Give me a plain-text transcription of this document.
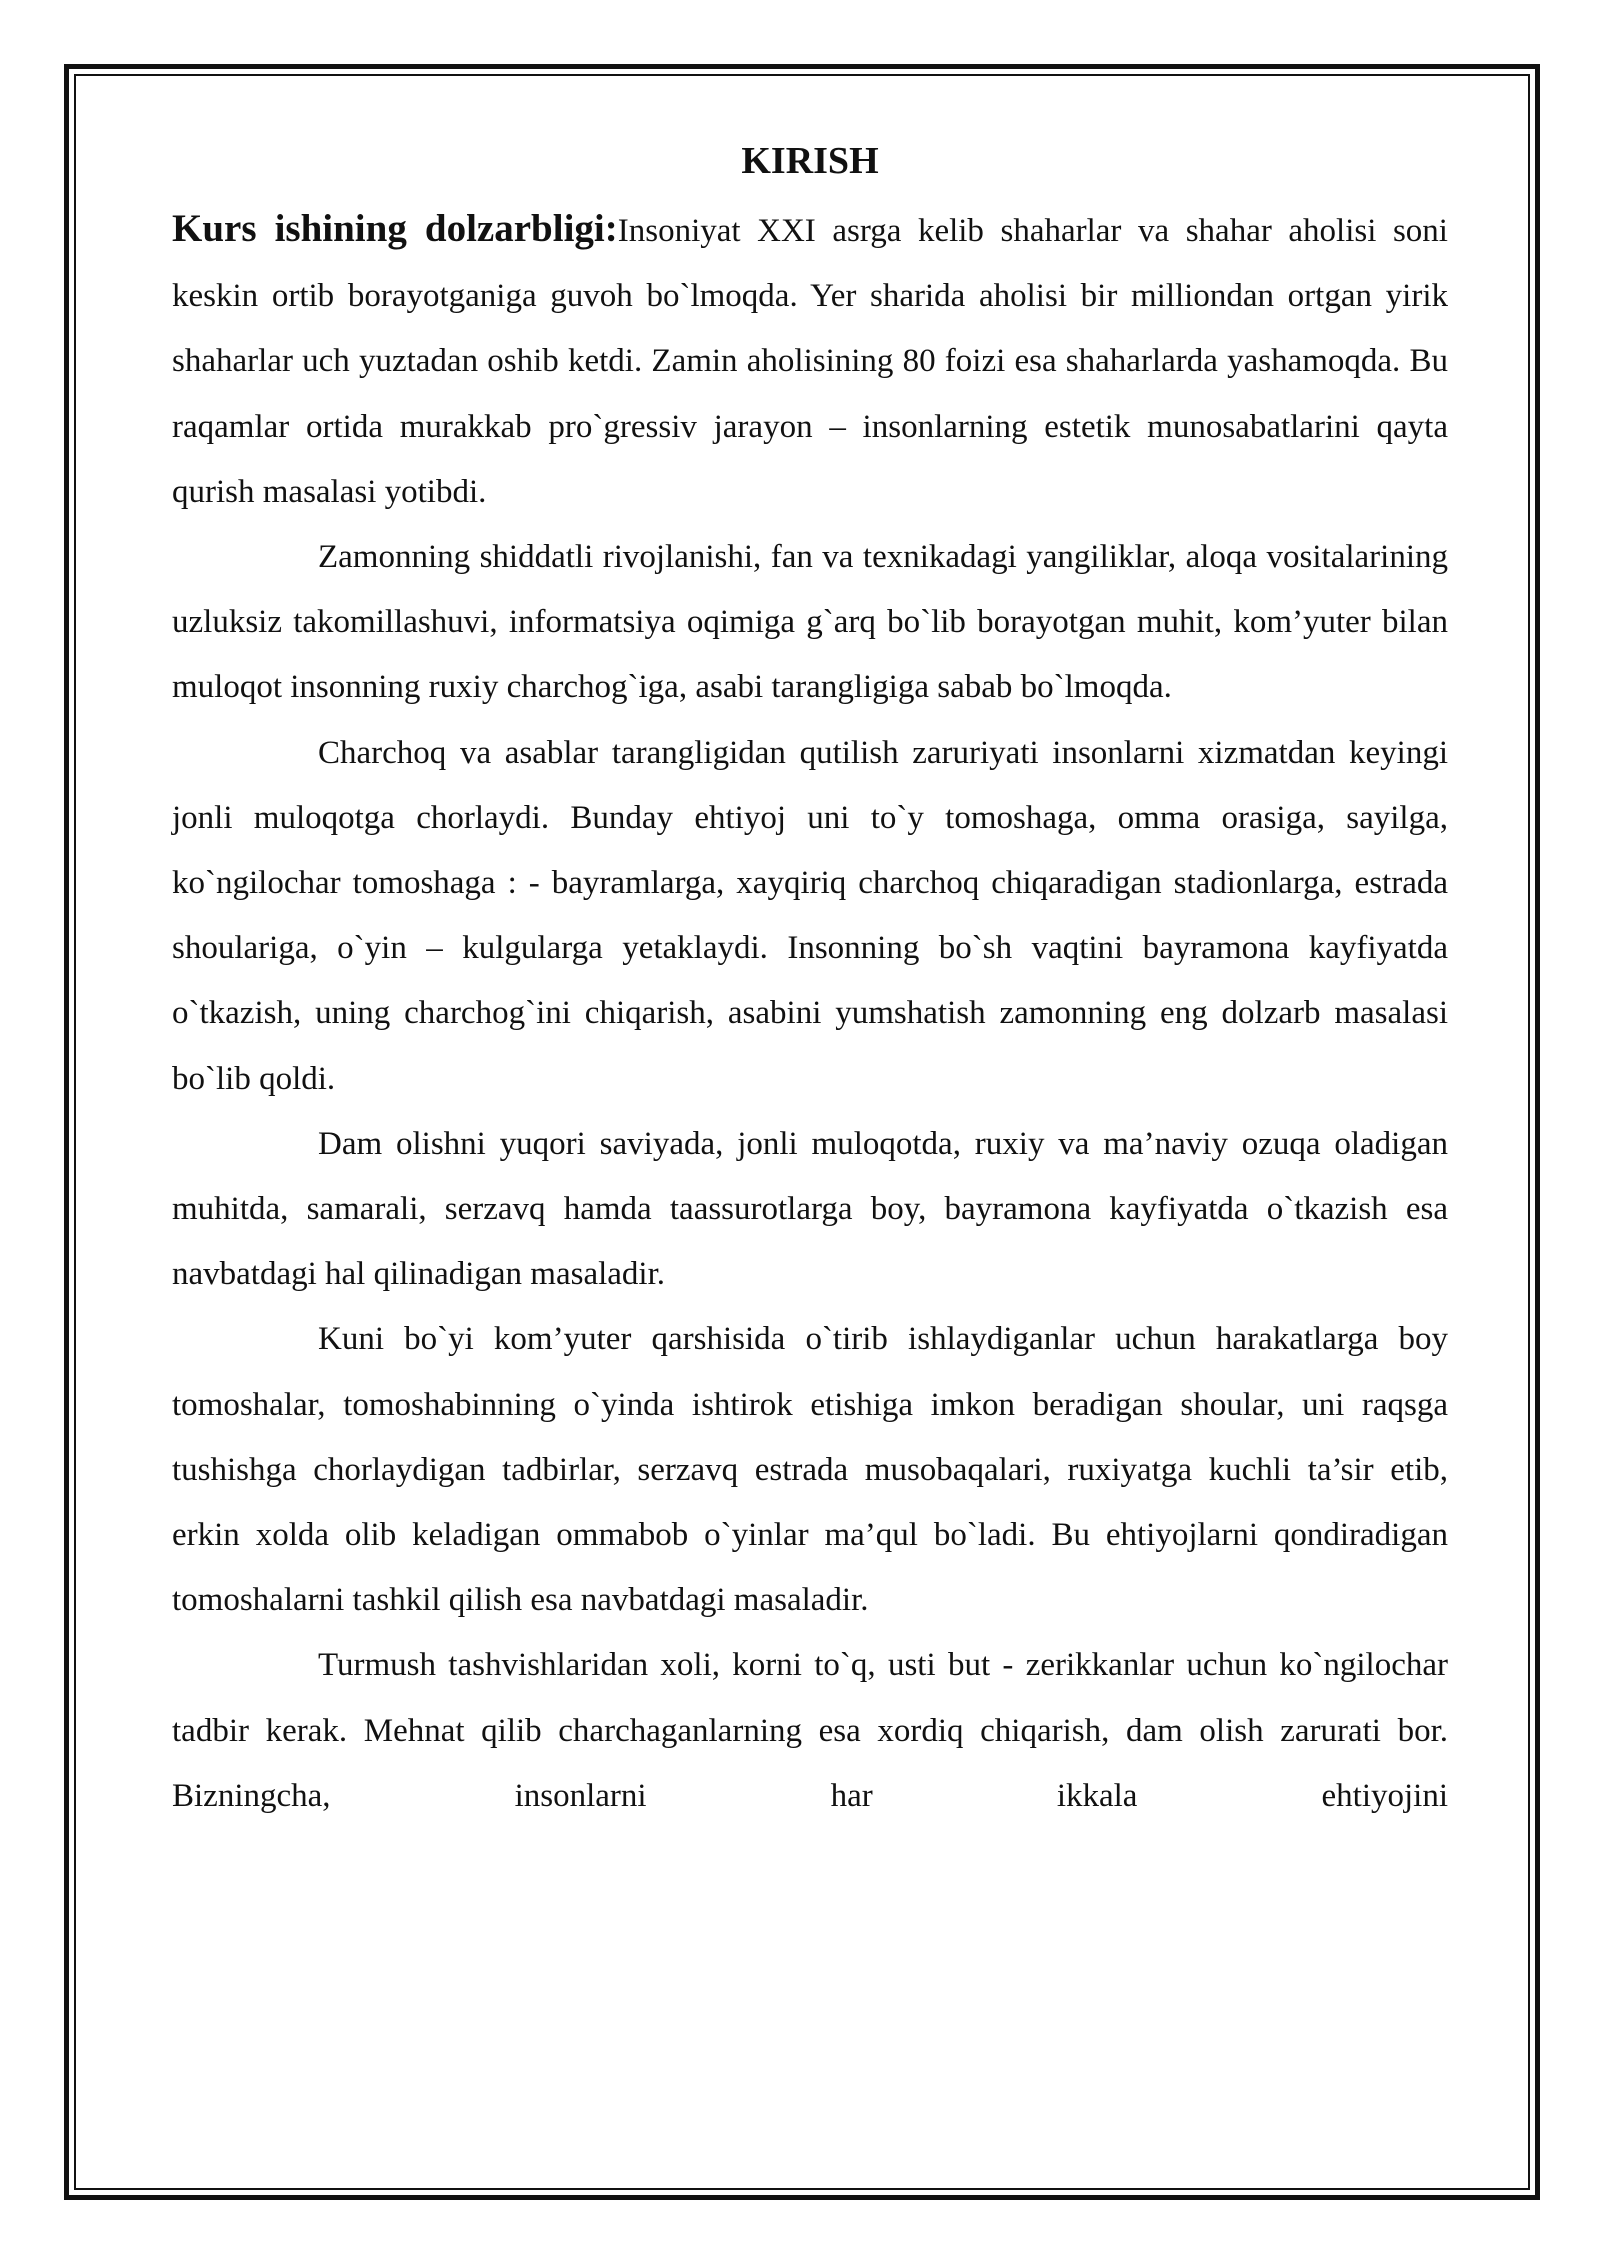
KIRISH

Kurs ishining dolzarbligi:Insoniyat XXI asrga kelib shaharlar va shahar aholisi soni keskin ortib borayotganiga guvoh bo`lmoqda. Yer sharida aholisi bir milliondan ortgan yirik shaharlar uch yuztadan oshib ketdi. Zamin aholisining 80 foizi esa shaharlarda yashamoqda. Bu raqamlar ortida murakkab pro`gressiv jarayon – insonlarning estetik munosabatlarini qayta qurish masalasi yotibdi.

Zamonning shiddatli rivojlanishi, fan va texnikadagi yangiliklar, aloqa vositalarining uzluksiz takomillashuvi, informatsiya oqimiga g`arq bo`lib borayotgan muhit, kom’yuter bilan muloqot insonning ruxiy charchog`iga, asabi tarangligiga sabab bo`lmoqda.

Charchoq va asablar tarangligidan qutilish zaruriyati insonlarni xizmatdan keyingi jonli muloqotga chorlaydi. Bunday ehtiyoj uni to`y tomoshaga, omma orasiga, sayilga, ko`ngilochar tomoshaga : - bayramlarga, xayqiriq charchoq chiqaradigan stadionlarga, estrada shoulariga, o`yin – kulgularga yetaklaydi. Insonning bo`sh vaqtini bayramona kayfiyatda o`tkazish, uning charchog`ini chiqarish, asabini yumshatish zamonning eng dolzarb masalasi bo`lib qoldi.

Dam olishni yuqori saviyada, jonli muloqotda, ruxiy va ma’naviy ozuqa oladigan muhitda, samarali, serzavq hamda taassurotlarga boy, bayramona kayfiyatda o`tkazish esa navbatdagi hal qilinadigan masaladir.

Kuni bo`yi kom’yuter qarshisida o`tirib ishlaydiganlar uchun harakatlarga boy tomoshalar, tomoshabinning o`yinda ishtirok etishiga imkon beradigan shoular, uni raqsga tushishga chorlaydigan tadbirlar, serzavq estrada musobaqalari, ruxiyatga kuchli ta’sir etib, erkin xolda olib keladigan ommabob o`yinlar ma’qul bo`ladi. Bu ehtiyojlarni qondiradigan tomoshalarni tashkil qilish esa navbatdagi masaladir.

Turmush tashvishlaridan xoli, korni to`q, usti but - zerikkanlar uchun ko`ngilochar tadbir kerak. Mehnat qilib charchaganlarning esa xordiq chiqarish, dam olish zarurati bor. Bizningcha, insonlarni har ikkala ehtiyojini
